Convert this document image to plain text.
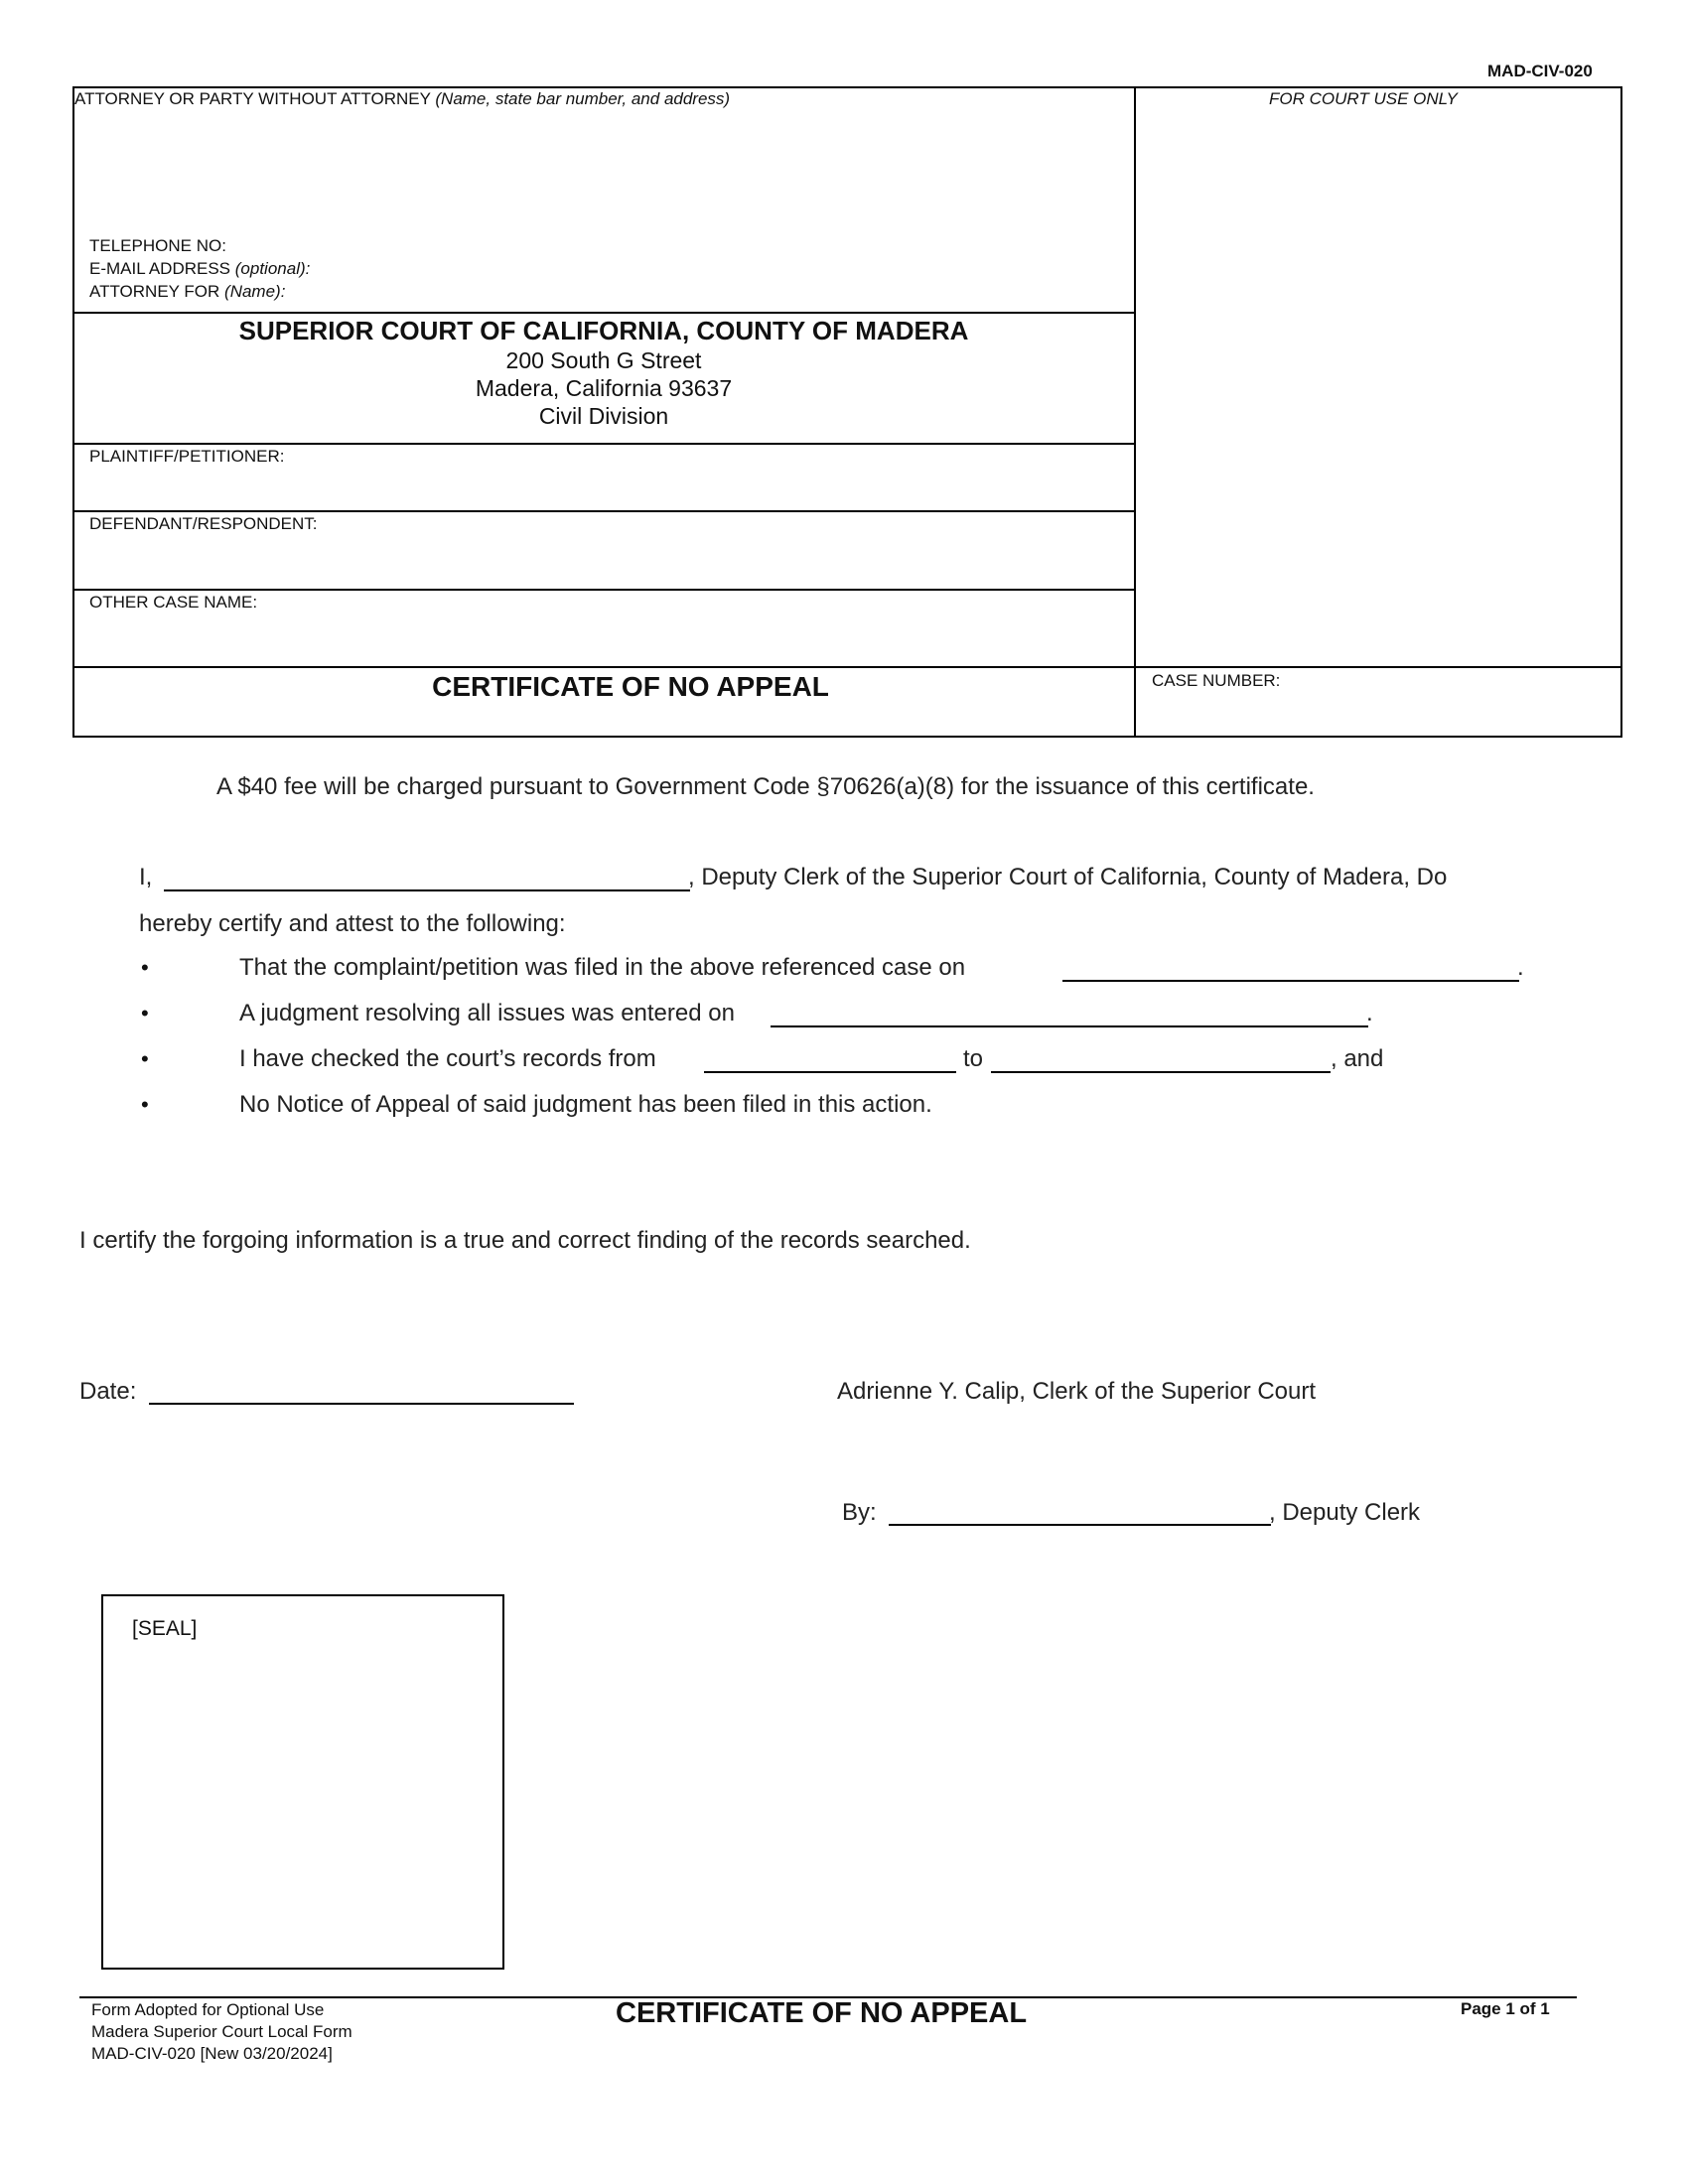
MAD-CIV-020
ATTORNEY OR PARTY WITHOUT ATTORNEY (Name, state bar number, and address)	FOR COURT USE ONLY
TELEPHONE NO:
E-MAIL ADDRESS (optional):
ATTORNEY FOR (Name):
SUPERIOR COURT OF CALIFORNIA, COUNTY OF MADERA
200 South G Street
Madera, California 93637
Civil Division
PLAINTIFF/PETITIONER:
DEFENDANT/RESPONDENT:
OTHER CASE NAME:
CERTIFICATE OF NO APPEAL	CASE NUMBER:
A $40 fee will be charged pursuant to Government Code §70626(a)(8) for the issuance of this certificate.
I,	, Deputy Clerk of the Superior Court of California, County of Madera, Do
hereby certify and attest to the following:
•	That the complaint/petition was filed in the above referenced case on	.
•	A judgment resolving all issues was entered on	.
•	I have checked the court’s records from	to	, and
•	No Notice of Appeal of said judgment has been filed in this action.
I certify the forgoing information is a true and correct finding of the records searched.
Date:	Adrienne Y. Calip, Clerk of the Superior Court
By:	, Deputy Clerk
[SEAL]
Form Adopted for Optional Use
Madera Superior Court Local Form
MAD-CIV-020 [New 03/20/2024]
CERTIFICATE OF NO APPEAL	Page 1 of 1
